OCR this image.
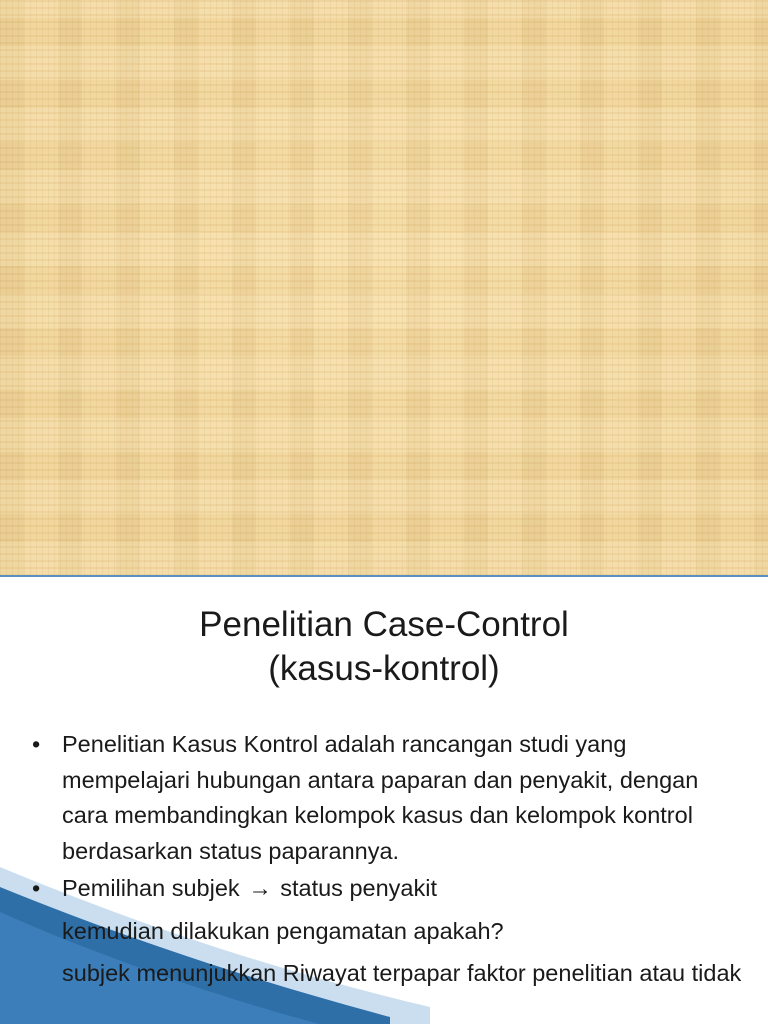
Penelitian Case-Control
(kasus-kontrol)
• Penelitian Kasus Kontrol adalah rancangan studi yang mempelajari hubungan antara paparan dan penyakit, dengan cara membandingkan kelompok kasus dan kelompok kontrol berdasarkan status paparannya.
• Pemilihan subjek → status penyakit
kemudian dilakukan pengamatan apakah?
subjek menunjukkan Riwayat terpapar faktor penelitian atau tidak
